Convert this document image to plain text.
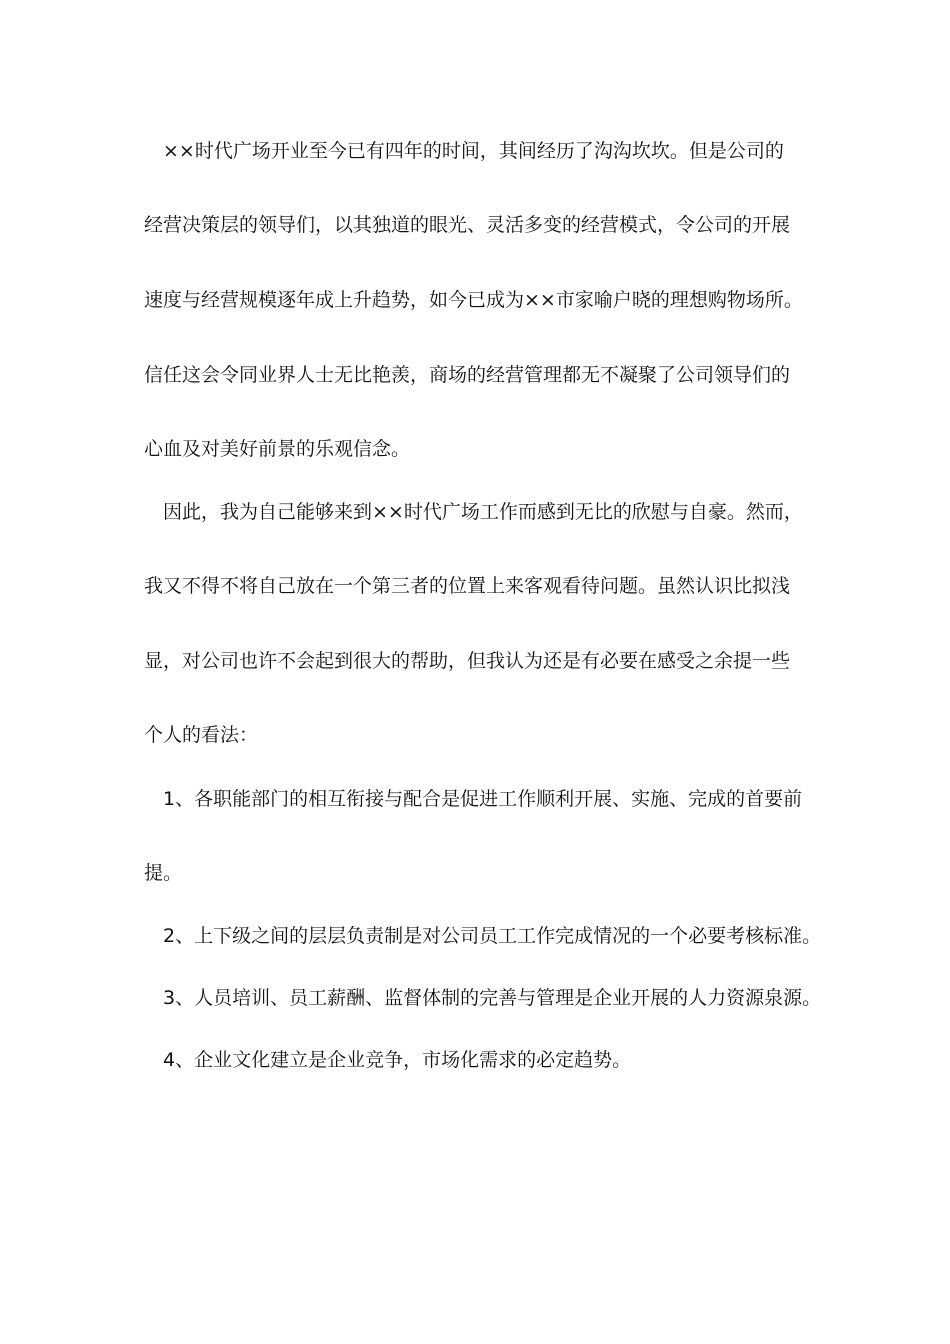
××时代广场开业至今已有四年的时间，其间经历了沟沟坎坎。但是公司的
经营决策层的领导们，以其独道的眼光、灵活多变的经营模式，令公司的开展
速度与经营规模逐年成上升趋势，如今已成为××市家喻户晓的理想购物场所。
信任这会令同业界人士无比艳羡，商场的经营管理都无不凝聚了公司领导们的
心血及对美好前景的乐观信念。
因此，我为自己能够来到××时代广场工作而感到无比的欣慰与自豪。然而，
我又不得不将自己放在一个第三者的位置上来客观看待问题。虽然认识比拟浅
显，对公司也许不会起到很大的帮助，但我认为还是有必要在感受之余提一些
个人的看法：
1、各职能部门的相互衔接与配合是促进工作顺利开展、实施、完成的首要前
提。
2、上下级之间的层层负责制是对公司员工工作完成情况的一个必要考核标准。
3、人员培训、员工薪酬、监督体制的完善与管理是企业开展的人力资源泉源。
4、企业文化建立是企业竞争，市场化需求的必定趋势。
